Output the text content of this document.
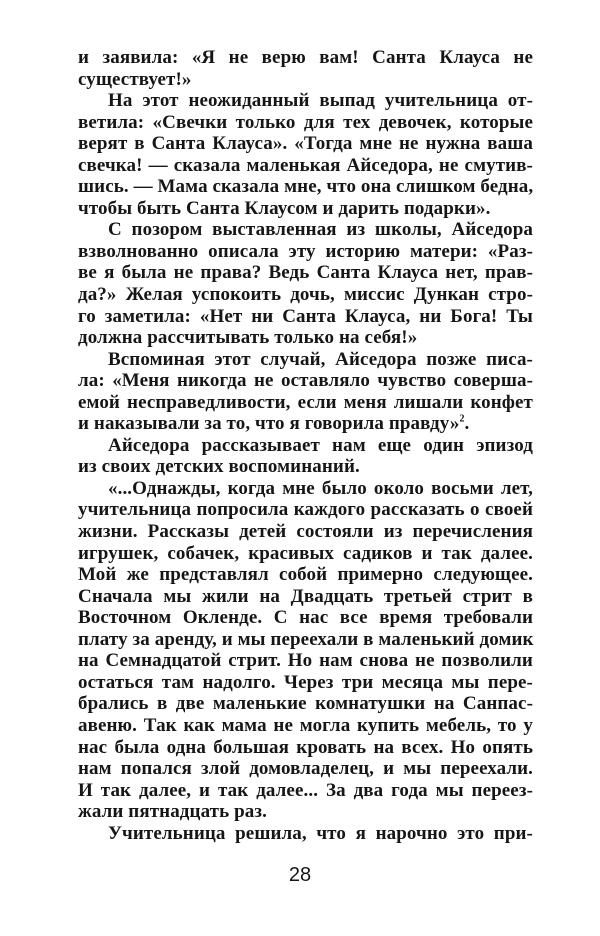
и заявила: «Я не верю вам! Санта Клауса не
существует!»
На этот неожиданный выпад учительница от-
ветила: «Свечки только для тех девочек, которые
верят в Санта Клауса». «Тогда мне не нужна ваша
свечка! — сказала маленькая Айседора, не смутив-
шись. — Мама сказала мне, что она слишком бедна,
чтобы быть Санта Клаусом и дарить подарки».
С позором выставленная из школы, Айседора
взволнованно описала эту историю матери: «Раз-
ве я была не права? Ведь Санта Клауса нет, прав-
да?» Желая успокоить дочь, миссис Дункан стро-
го заметила: «Нет ни Санта Клауса, ни Бога! Ты
должна рассчитывать только на себя!»
Вспоминая этот случай, Айседора позже писа-
ла: «Меня никогда не оставляло чувство соверша-
емой несправедливости, если меня лишали конфет
и наказывали за то, что я говорила правду»$^2$.
Айседора рассказывает нам еще один эпизод
из своих детских воспоминаний.
«...Однажды, когда мне было около восьми лет,
учительница попросила каждого рассказать о своей
жизни. Рассказы детей состояли из перечисления
игрушек, собачек, красивых садиков и так далее.
Мой же представлял собой примерно следующее.
Сначала мы жили на Двадцать третьей стрит в
Восточном Окленде. С нас все время требовали
плату за аренду, и мы переехали в маленький домик
на Семнадцатой стрит. Но нам снова не позволили
остаться там надолго. Через три месяца мы пере-
брались в две маленькие комнатушки на Санпас-
авеню. Так как мама не могла купить мебель, то у
нас была одна большая кровать на всех. Но опять
нам попался злой домовладелец, и мы переехали.
И так далее, и так далее... За два года мы переез-
жали пятнадцать раз.
Учительница решила, что я нарочно это при-
28
